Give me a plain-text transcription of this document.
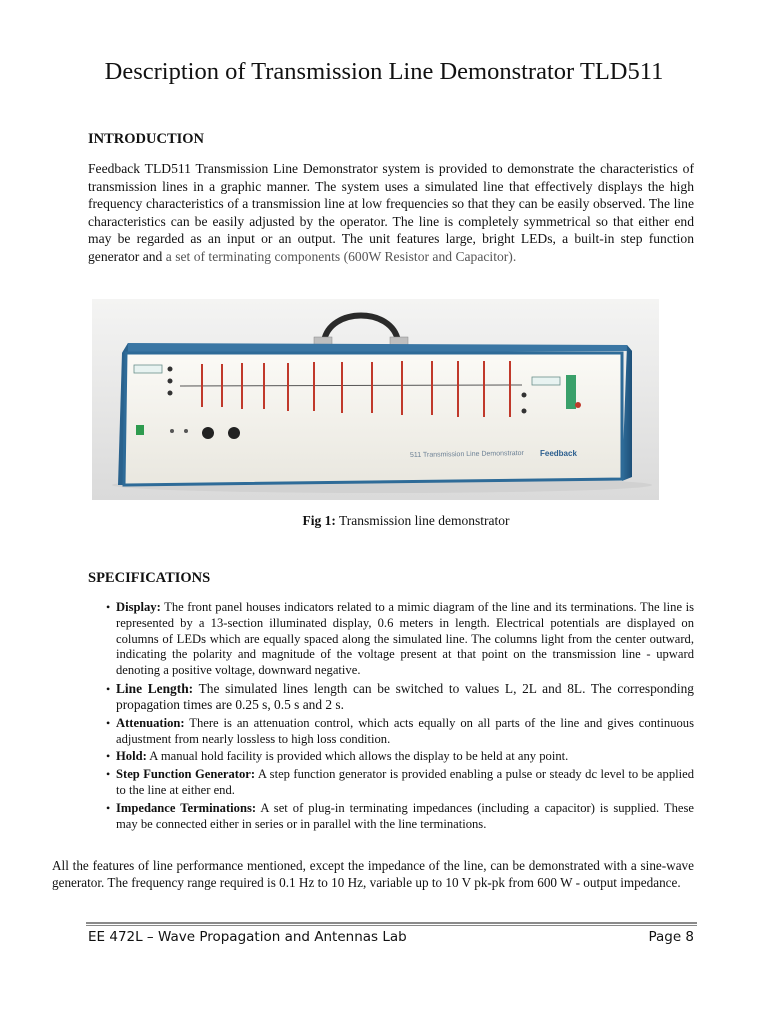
Description of Transmission Line Demonstrator TLD511
INTRODUCTION
Feedback TLD511 Transmission Line Demonstrator system is provided to demonstrate the characteristics of transmission lines in a graphic manner. The system uses a simulated line that effectively displays the high frequency characteristics of a transmission line at low frequencies so that they can be easily observed. The line characteristics can be easily adjusted by the operator. The line is completely symmetrical so that either end may be regarded as an input or an output. The unit features large, bright LEDs, a built-in step function generator and a set of terminating components (600W Resistor and Capacitor).
511 Transmission Line Demonstrator Feedback
Fig 1: Transmission line demonstrator
SPECIFICATIONS
• Display: The front panel houses indicators related to a mimic diagram of the line and its terminations. The line is represented by a 13-section illuminated display, 0.6 meters in length. Electrical potentials are displayed on columns of LEDs which are equally spaced along the simulated line. The columns light from the center outward, indicating the polarity and magnitude of the voltage present at that point on the transmission line - upward denoting a positive voltage, downward negative.
• Line Length: The simulated lines length can be switched to values L, 2L and 8L. The corresponding propagation times are 0.25 s, 0.5 s and 2 s.
• Attenuation: There is an attenuation control, which acts equally on all parts of the line and gives continuous adjustment from nearly lossless to high loss condition.
• Hold: A manual hold facility is provided which allows the display to be held at any point.
• Step Function Generator: A step function generator is provided enabling a pulse or steady dc level to be applied to the line at either end.
• Impedance Terminations: A set of plug-in terminating impedances (including a capacitor) is supplied. These may be connected either in series or in parallel with the line terminations.
All the features of line performance mentioned, except the impedance of the line, can be demonstrated with a sine-wave generator. The frequency range required is 0.1 Hz to 10 Hz, variable up to 10 V pk-pk from 600 W - output impedance.
EE 472L – Wave Propagation and Antennas Lab	Page 8
